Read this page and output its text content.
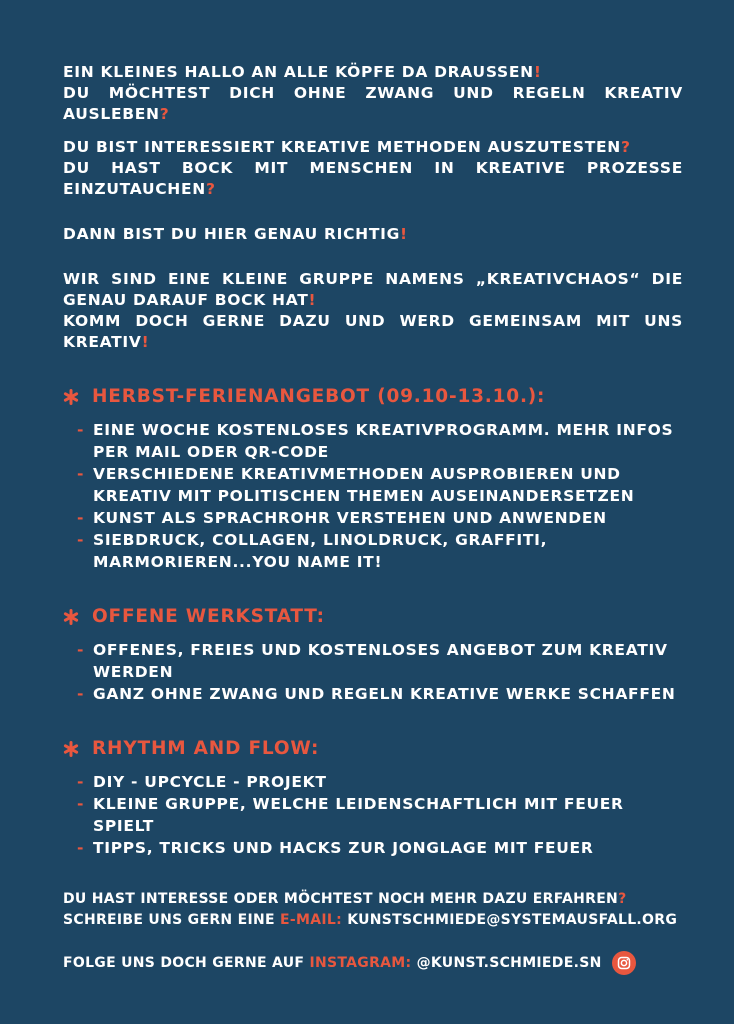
EIN KLEINES HALLO AN ALLE KÖPFE DA DRAUSSEN!
DU MÖCHTEST DICH OHNE ZWANG UND REGELN KREATIV AUSLEBEN?
DU BIST INTERESSIERT KREATIVE METHODEN AUSZUTESTEN?
DU HAST BOCK MIT MENSCHEN IN KREATIVE PROZESSE EINZUTAUCHEN?
DANN BIST DU HIER GENAU RICHTIG!
WIR SIND EINE KLEINE GRUPPE NAMENS „KREATIVCHAOS“ DIE GENAU DARAUF BOCK HAT!
KOMM DOCH GERNE DAZU UND WERD GEMEINSAM MIT UNS KREATIV!
HERBST-FERIENANGEBOT (09.10-13.10.):
- EINE WOCHE KOSTENLOSES KREATIVPROGRAMM. MEHR INFOS PER MAIL ODER QR-CODE
- VERSCHIEDENE KREATIVMETHODEN AUSPROBIEREN UND KREATIV MIT POLITISCHEN THEMEN AUSEINANDERSETZEN
- KUNST ALS SPRACHROHR VERSTEHEN UND ANWENDEN
- SIEBDRUCK, COLLAGEN, LINOLDRUCK, GRAFFITI, MARMORIEREN...YOU NAME IT!
OFFENE WERKSTATT:
- OFFENES, FREIES UND KOSTENLOSES ANGEBOT ZUM KREATIV WERDEN
- GANZ OHNE ZWANG UND REGELN KREATIVE WERKE SCHAFFEN
RHYTHM AND FLOW:
- DIY - UPCYCLE - PROJEKT
- KLEINE GRUPPE, WELCHE LEIDENSCHAFTLICH MIT FEUER SPIELT
- TIPPS, TRICKS UND HACKS ZUR JONGLAGE MIT FEUER
DU HAST INTERESSE ODER MÖCHTEST NOCH MEHR DAZU ERFAHREN?
SCHREIBE UNS GERN EINE E-MAIL: KUNSTSCHMIEDE@SYSTEMAUSFALL.ORG
FOLGE UNS DOCH GERNE AUF
INSTAGRAM:
@KUNST.SCHMIEDE.SN
